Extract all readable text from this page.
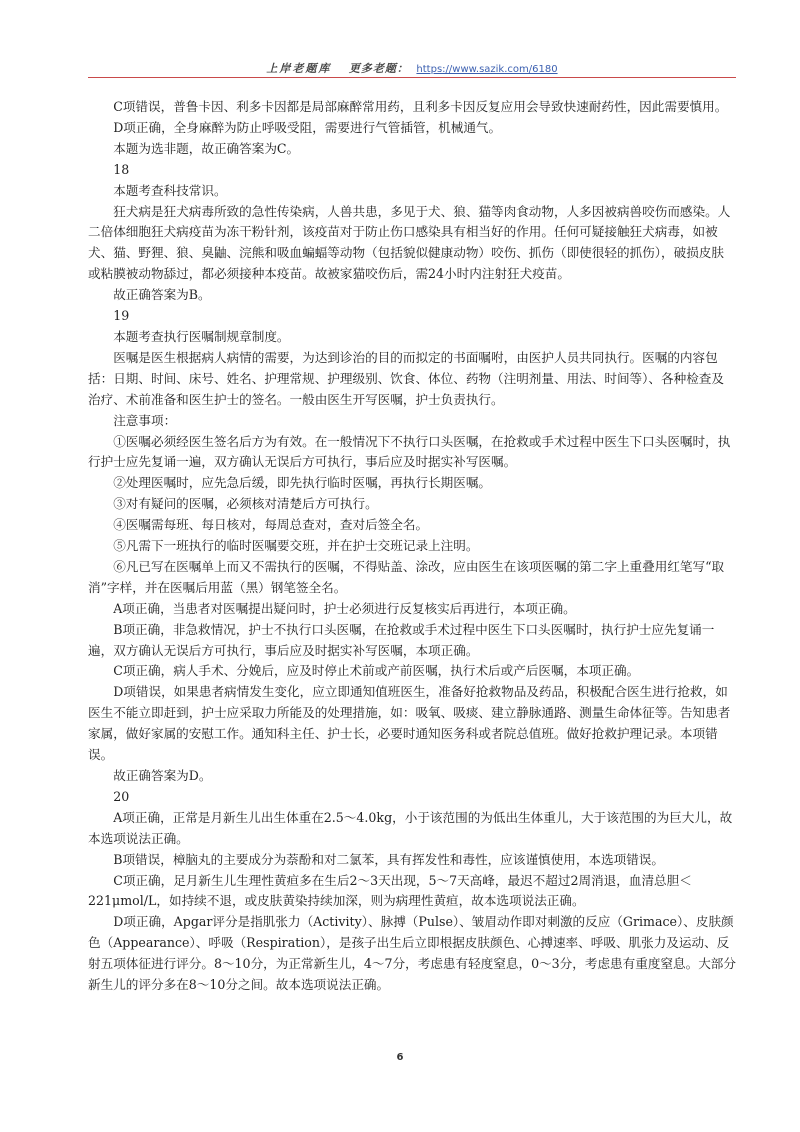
上岸老题库 更多老题： https://www.sazik.com/6180

　　C项错误，普鲁卡因、利多卡因都是局部麻醉常用药，且利多卡因反复应用会导致快速耐药性，因此需要慎用。

　　D项正确，全身麻醉为防止呼吸受阻，需要进行气管插管，机械通气。

　　本题为选非题，故正确答案为C。

　　18

　　本题考查科技常识。

　　狂犬病是狂犬病毒所致的急性传染病，人兽共患，多见于犬、狼、猫等肉食动物，人多因被病兽咬伤而感染。人二倍体细胞狂犬病疫苗为冻干粉针剂，该疫苗对于防止伤口感染具有相当好的作用。任何可疑接触狂犬病毒，如被犬、猫、野狸、狼、臭鼬、浣熊和吸血蝙蝠等动物（包括貌似健康动物）咬伤、抓伤（即使很轻的抓伤），破损皮肤或粘膜被动物舔过，都必须接种本疫苗。故被家猫咬伤后，需24小时内注射狂犬疫苗。

　　故正确答案为B。

　　19

　　本题考查执行医嘱制规章制度。

　　医嘱是医生根据病人病情的需要，为达到诊治的目的而拟定的书面嘱咐，由医护人员共同执行。医嘱的内容包括：日期、时间、床号、姓名、护理常规、护理级别、饮食、体位、药物（注明剂量、用法、时间等）、各种检查及治疗、术前准备和医生护士的签名。一般由医生开写医嘱，护士负责执行。

　　注意事项：

　　①医嘱必须经医生签名后方为有效。在一般情况下不执行口头医嘱，在抢救或手术过程中医生下口头医嘱时，执行护士应先复诵一遍，双方确认无误后方可执行，事后应及时据实补写医嘱。

　　②处理医嘱时，应先急后缓，即先执行临时医嘱，再执行长期医嘱。

　　③对有疑问的医嘱，必须核对清楚后方可执行。

　　④医嘱需每班、每日核对，每周总查对，查对后签全名。

　　⑤凡需下一班执行的临时医嘱要交班，并在护士交班记录上注明。

　　⑥凡已写在医嘱单上而又不需执行的医嘱，不得贴盖、涂改，应由医生在该项医嘱的第二字上重叠用红笔写“取消”字样，并在医嘱后用蓝（黑）钢笔签全名。

　　A项正确，当患者对医嘱提出疑问时，护士必须进行反复核实后再进行，本项正确。

　　B项正确，非急救情况，护士不执行口头医嘱，在抢救或手术过程中医生下口头医嘱时，执行护士应先复诵一遍，双方确认无误后方可执行，事后应及时据实补写医嘱，本项正确。

　　C项正确，病人手术、分娩后，应及时停止术前或产前医嘱，执行术后或产后医嘱，本项正确。

　　D项错误，如果患者病情发生变化，应立即通知值班医生，准备好抢救物品及药品，积极配合医生进行抢救，如医生不能立即赶到，护士应采取力所能及的处理措施，如：吸氧、吸痰、建立静脉通路、测量生命体征等。告知患者家属，做好家属的安慰工作。通知科主任、护士长，必要时通知医务科或者院总值班。做好抢救护理记录。本项错误。

　　故正确答案为D。

　　20

　　A项正确，正常是月新生儿出生体重在2.5～4.0kg，小于该范围的为低出生体重儿，大于该范围的为巨大儿，故本选项说法正确。

　　B项错误，樟脑丸的主要成分为萘酚和对二氯苯，具有挥发性和毒性，应该谨慎使用，本选项错误。

　　C项正确，足月新生儿生理性黄疸多在生后2～3天出现，5～7天高峰，最迟不超过2周消退，血清总胆＜221μmol/L，如持续不退，或皮肤黄染持续加深，则为病理性黄疸，故本选项说法正确。

　　D项正确，Apgar评分是指肌张力（Activity）、脉搏（Pulse）、皱眉动作即对刺激的反应（Grimace）、皮肤颜色（Appearance）、呼吸（Respiration），是孩子出生后立即根据皮肤颜色、心搏速率、呼吸、肌张力及运动、反射五项体征进行评分。8～10分，为正常新生儿，4～7分，考虑患有轻度窒息，0～3分，考虑患有重度窒息。大部分新生儿的评分多在8～10分之间。故本选项说法正确。

6
